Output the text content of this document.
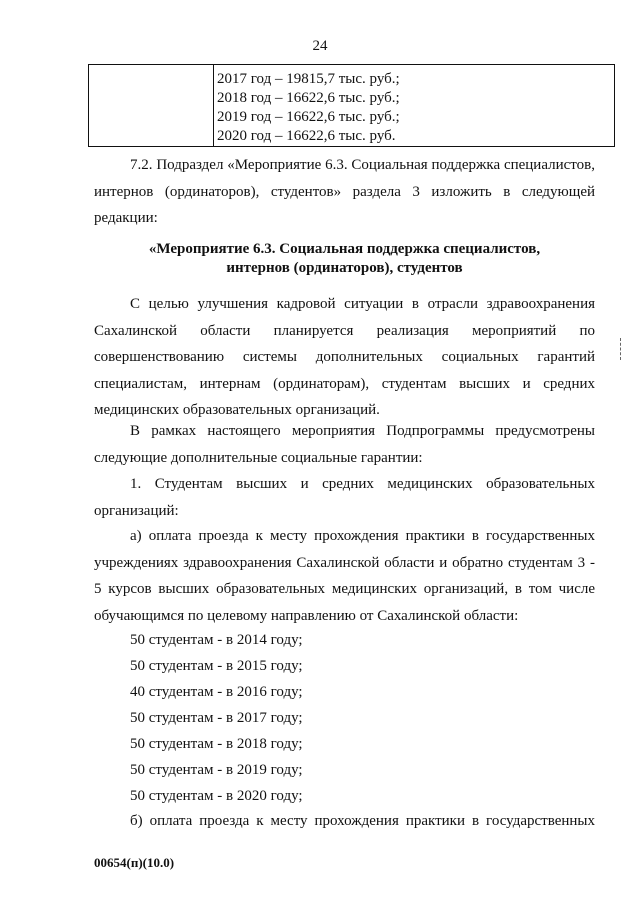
24

2017 год – 19815,7 тыс. руб.;
2018 год – 16622,6 тыс. руб.;
2019 год – 16622,6 тыс. руб.;
2020 год – 16622,6 тыс. руб.

7.2. Подраздел «Мероприятие 6.3. Социальная поддержка специалистов, интернов (ординаторов), студентов» раздела 3 изложить в следующей редакции:

«Мероприятие 6.3. Социальная поддержка специалистов,
интернов (ординаторов), студентов

С целью улучшения кадровой ситуации в отрасли здравоохранения Сахалинской области планируется реализация мероприятий по совершенствованию системы дополнительных социальных гарантий специалистам, интернам (ординаторам), студентам высших и средних медицинских образовательных организаций.

В рамках настоящего мероприятия Подпрограммы предусмотрены следующие дополнительные социальные гарантии:

1. Студентам высших и средних медицинских образовательных организаций:

а) оплата проезда к месту прохождения практики в государственных учреждениях здравоохранения Сахалинской области и обратно студентам 3 - 5 курсов высших образовательных медицинских организаций, в том числе обучающимся по целевому направлению от Сахалинской области:

50 студентам - в 2014 году;
50 студентам - в 2015 году;
40 студентам - в 2016 году;
50 студентам - в 2017 году;
50 студентам - в 2018 году;
50 студентам - в 2019 году;
50 студентам - в 2020 году;

б) оплата проезда к месту прохождения практики в государственных

00654(п)(10.0)
